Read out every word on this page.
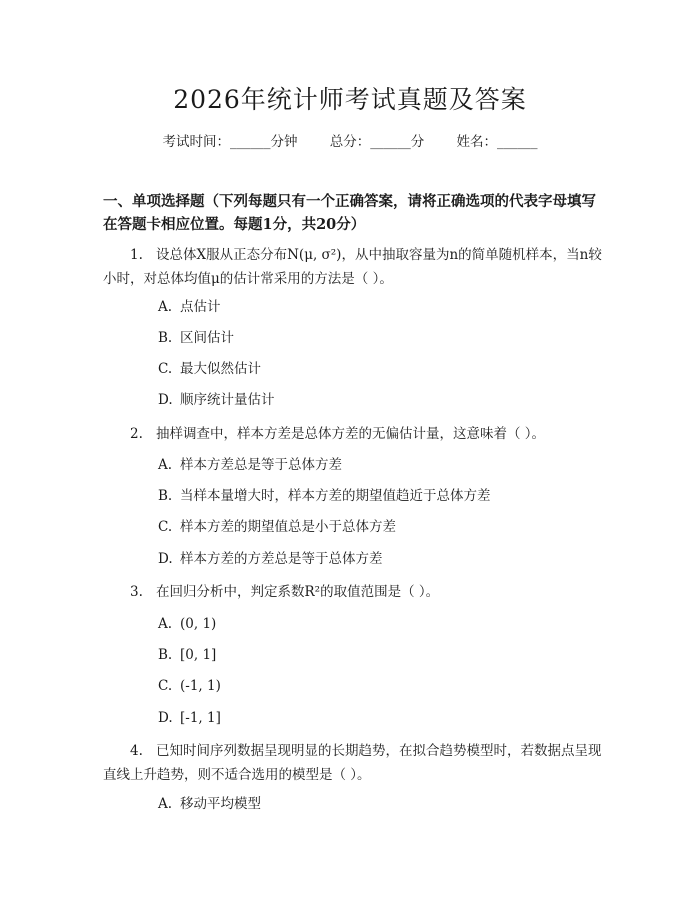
2026年统计师考试真题及答案
考试时间：______分钟 总分：______分 姓名：______
一、单项选择题（下列每题只有一个正确答案，请将正确选项的代表字母填写在答题卡相应位置。每题1分，共20分）
1. 设总体X服从正态分布N(μ, σ²)，从中抽取容量为n的简单随机样本，当n较小时，对总体均值μ的估计常采用的方法是（ ）。
A. 点估计
B. 区间估计
C. 最大似然估计
D. 顺序统计量估计
2. 抽样调查中，样本方差是总体方差的无偏估计量，这意味着（ ）。
A. 样本方差总是等于总体方差
B. 当样本量增大时，样本方差的期望值趋近于总体方差
C. 样本方差的期望值总是小于总体方差
D. 样本方差的方差总是等于总体方差
3. 在回归分析中，判定系数R²的取值范围是（ ）。
A. (0, 1)
B. [0, 1]
C. (-1, 1)
D. [-1, 1]
4. 已知时间序列数据呈现明显的长期趋势，在拟合趋势模型时，若数据点呈现直线上升趋势，则不适合选用的模型是（ ）。
A. 移动平均模型
